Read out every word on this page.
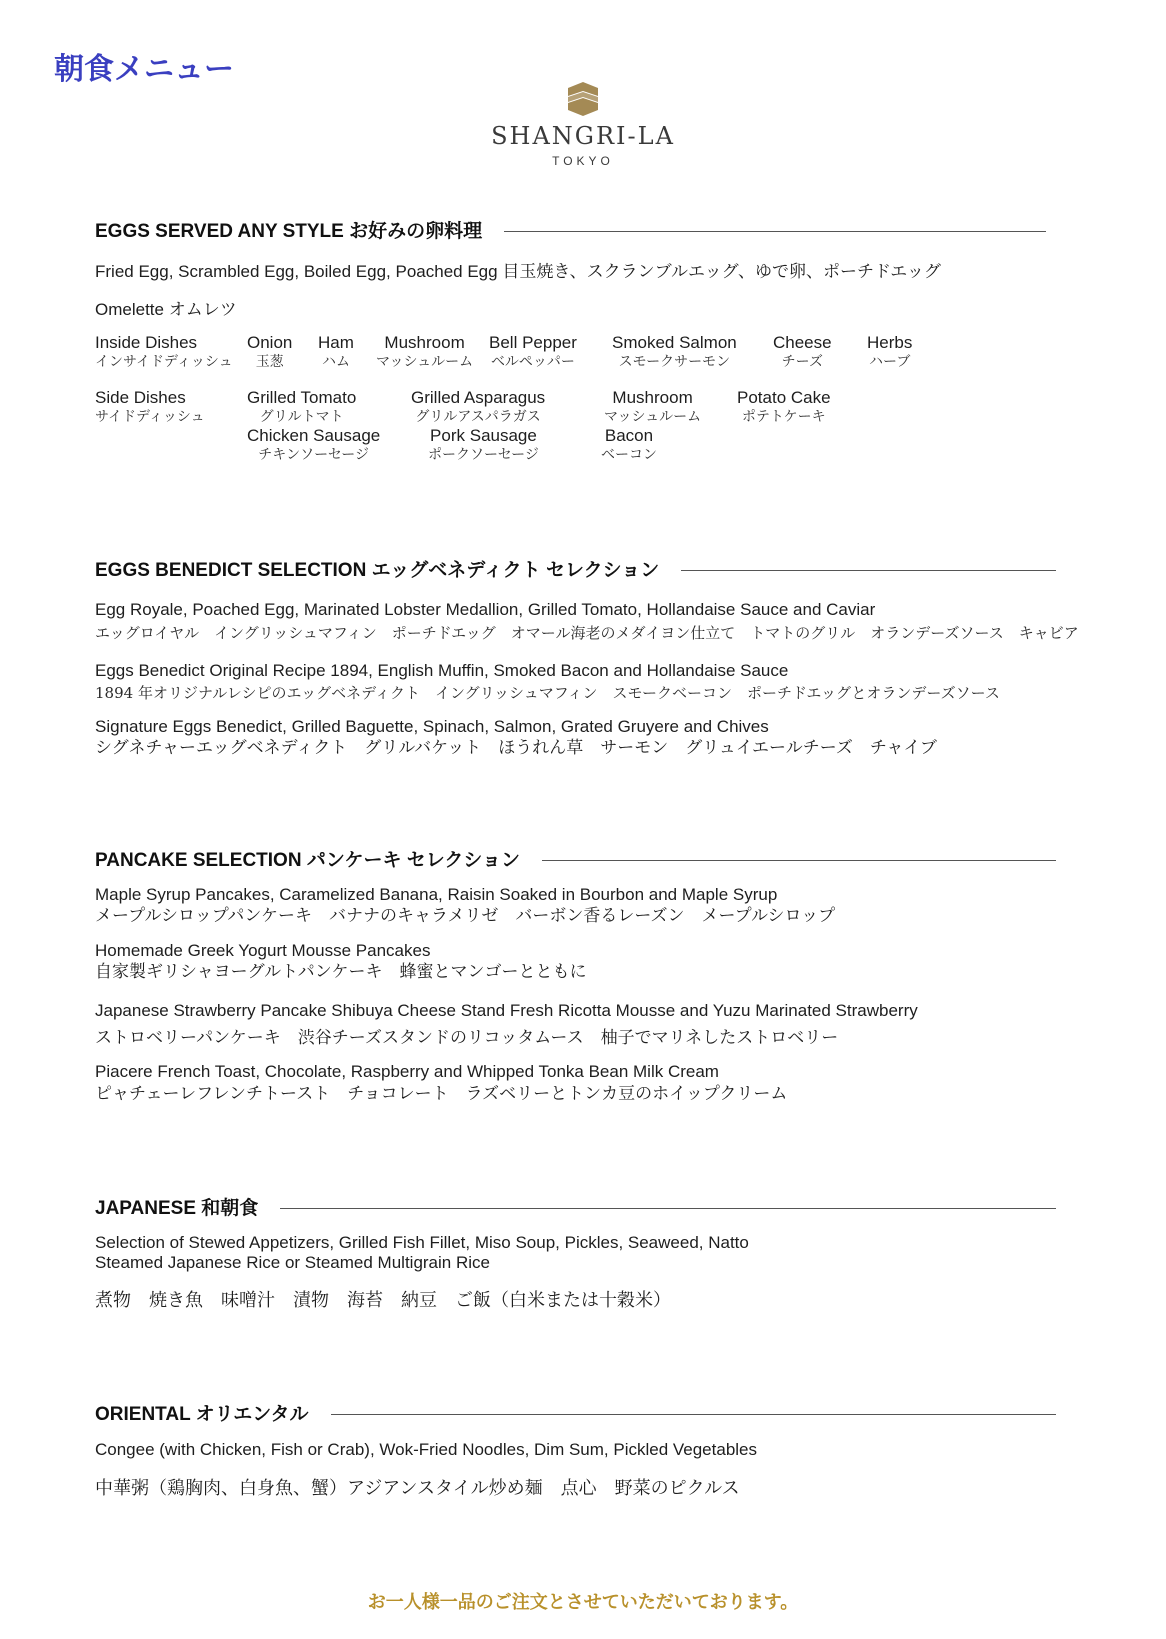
朝食メニュー
SHANGRI-LA
TOKYO
EGGS SERVED ANY STYLE お好みの卵料理
Fried Egg, Scrambled Egg, Boiled Egg, Poached Egg 目玉焼き、スクランブルエッグ、ゆで卵、ポーチドエッグ
Omelette オムレツ
Inside Dishes
インサイドディッシュ
Onion
玉葱
Ham
ハム
Mushroom
マッシュルーム
Bell Pepper
ベルペッパー
Smoked Salmon
スモークサーモン
Cheese
チーズ
Herbs
ハーブ
Side Dishes
サイドディッシュ
Grilled Tomato
グリルトマト
Grilled Asparagus
グリルアスパラガス
Mushroom
マッシュルーム
Potato Cake
ポテトケーキ
Chicken Sausage
チキンソーセージ
Pork Sausage
ポークソーセージ
Bacon
ベーコン
EGGS BENEDICT SELECTION エッグベネディクト セレクション
Egg Royale, Poached Egg, Marinated Lobster Medallion, Grilled Tomato, Hollandaise Sauce and Caviar
エッグロイヤル　イングリッシュマフィン　ポーチドエッグ　オマール海老のメダイヨン仕立て　トマトのグリル　オランデーズソース　キャビア
Eggs Benedict Original Recipe 1894, English Muffin, Smoked Bacon and Hollandaise Sauce
1894 年オリジナルレシピのエッグベネディクト　イングリッシュマフィン　スモークベーコン　ポーチドエッグとオランデーズソース
Signature Eggs Benedict, Grilled Baguette, Spinach, Salmon, Grated Gruyere and Chives
シグネチャーエッグベネディクト　グリルバケット　ほうれん草　サーモン　グリュイエールチーズ　チャイブ
PANCAKE SELECTION パンケーキ セレクション
Maple Syrup Pancakes, Caramelized Banana, Raisin Soaked in Bourbon and Maple Syrup
メープルシロップパンケーキ　バナナのキャラメリゼ　バーボン香るレーズン　メープルシロップ
Homemade Greek Yogurt Mousse Pancakes
自家製ギリシャヨーグルトパンケーキ　蜂蜜とマンゴーとともに
Japanese Strawberry Pancake Shibuya Cheese Stand Fresh Ricotta Mousse and Yuzu Marinated Strawberry
ストロベリーパンケーキ　渋谷チーズスタンドのリコッタムース　柚子でマリネしたストロベリー
Piacere French Toast, Chocolate, Raspberry and Whipped Tonka Bean Milk Cream
ピャチェーレフレンチトースト　チョコレート　ラズベリーとトンカ豆のホイップクリーム
JAPANESE 和朝食
Selection of Stewed Appetizers, Grilled Fish Fillet, Miso Soup, Pickles, Seaweed, Natto
Steamed Japanese Rice or Steamed Multigrain Rice
煮物　焼き魚　味噌汁　漬物　海苔　納豆　ご飯（白米または十穀米）
ORIENTAL オリエンタル
Congee (with Chicken, Fish or Crab), Wok-Fried Noodles, Dim Sum, Pickled Vegetables
中華粥（鶏胸肉、白身魚、蟹）アジアンスタイル炒め麺　点心　野菜のピクルス
お一人様一品のご注文とさせていただいております。
